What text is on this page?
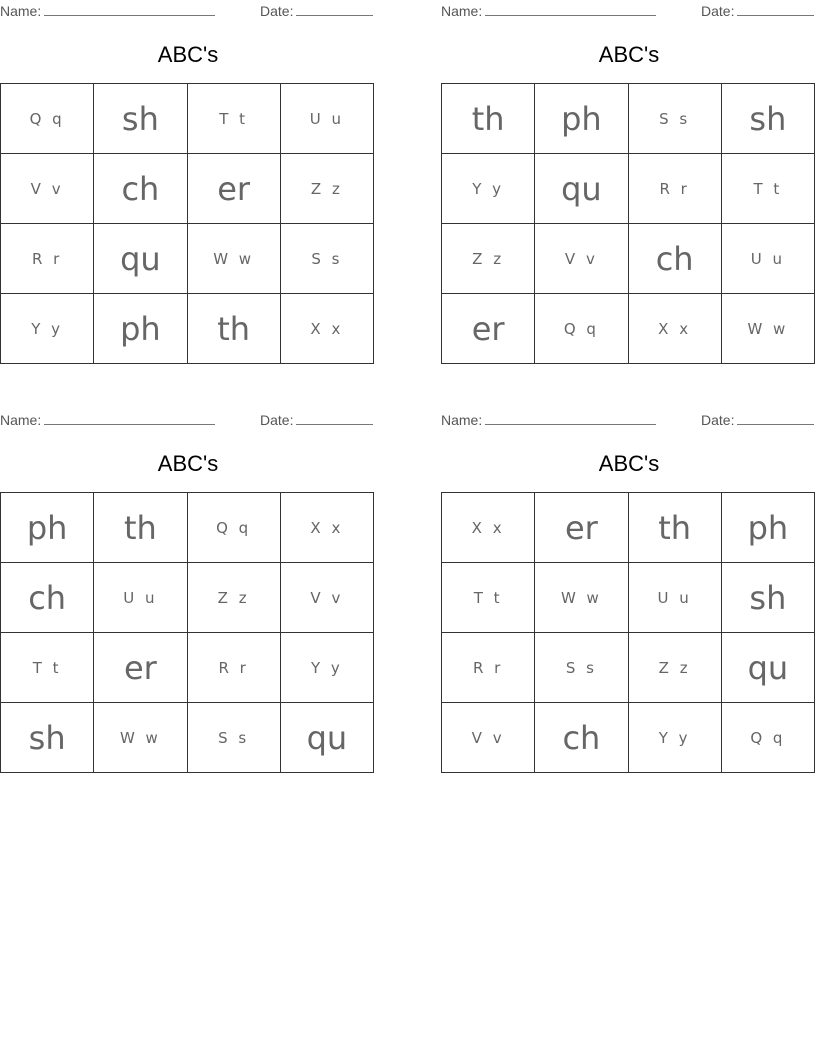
Name:	Date:
ABC's
Q q	sh	T t	U u
V v	ch	er	Z z
R r	qu	W w	S s
Y y	ph	th	X x
Name:	Date:
ABC's
th	ph	S s	sh
Y y	qu	R r	T t
Z z	V v	ch	U u
er	Q q	X x	W w
Name:	Date:
ABC's
ph	th	Q q	X x
ch	U u	Z z	V v
T t	er	R r	Y y
sh	W w	S s	qu
Name:	Date:
ABC's
X x	er	th	ph
T t	W w	U u	sh
R r	S s	Z z	qu
V v	ch	Y y	Q q
